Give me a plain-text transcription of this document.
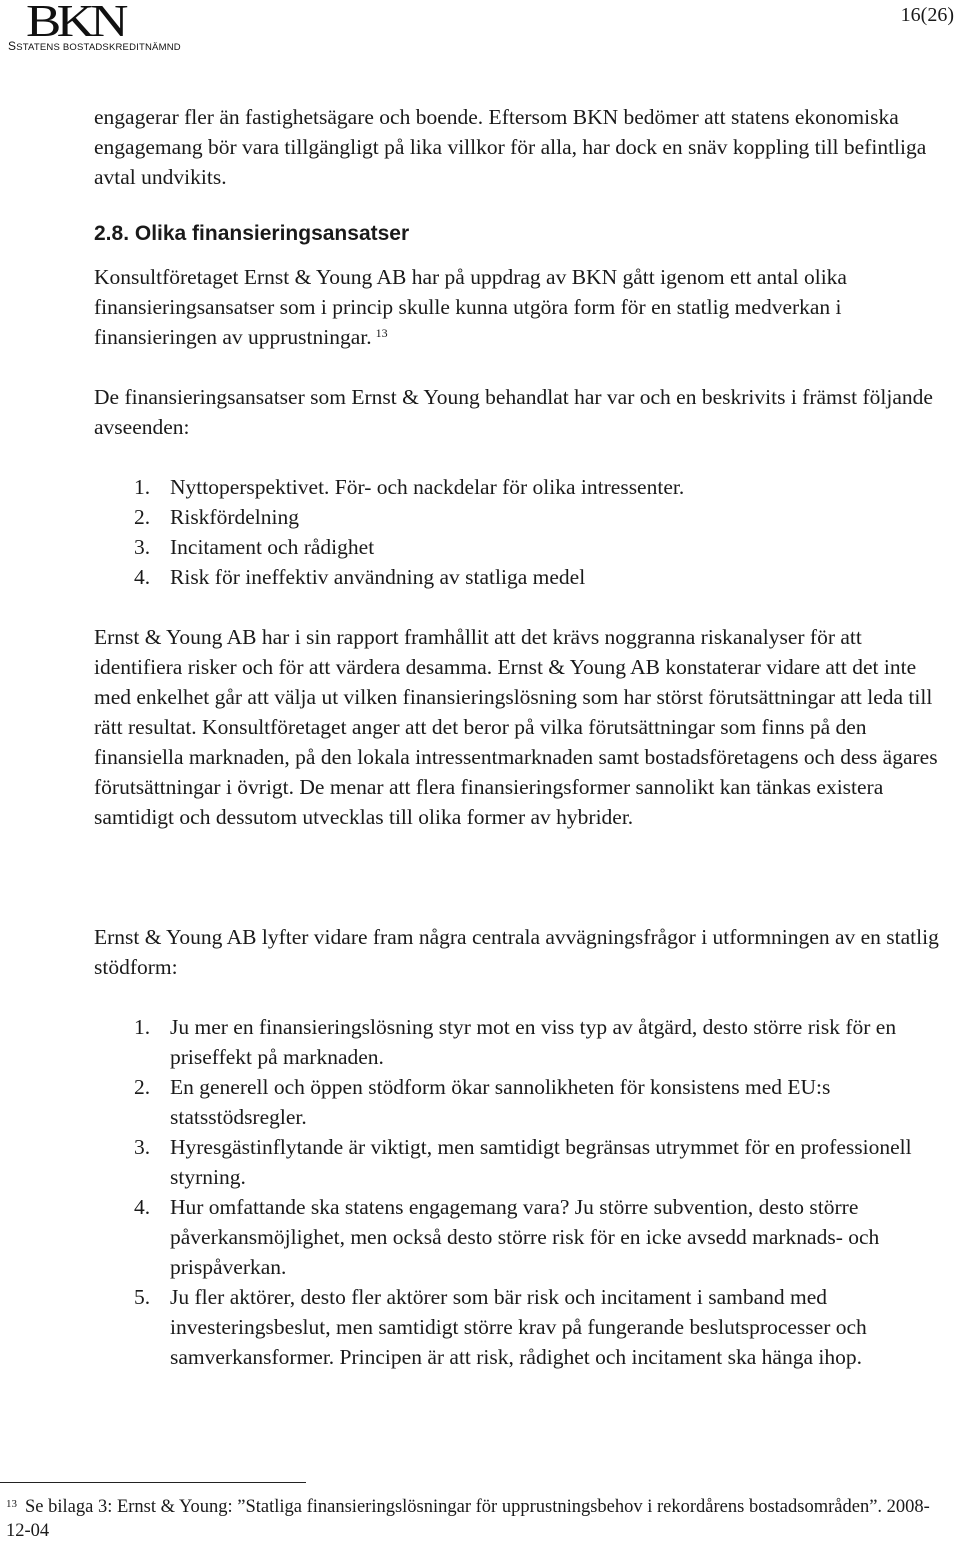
BKN
SSTATENS BOSTADSKREDITNÄMND
16(26)

engagerar fler än fastighetsägare och boende. Eftersom BKN bedömer att statens ekonomiska engagemang bör vara tillgängligt på lika villkor för alla, har dock en snäv koppling till befintliga avtal undvikits.

2.8. Olika finansieringsansatser

Konsultföretaget Ernst & Young AB har på uppdrag av BKN gått igenom ett antal olika finansieringsansatser som i princip skulle kunna utgöra form för en statlig medverkan i finansieringen av upprustningar. $^{13}$

De finansieringsansatser som Ernst & Young behandlat har var och en beskrivits i främst följande avseenden:

1. Nyttoperspektivet. För- och nackdelar för olika intressenter.
2. Riskfördelning
3. Incitament och rådighet
4. Risk för ineffektiv användning av statliga medel

Ernst & Young AB har i sin rapport framhållit att det krävs noggranna riskanalyser för att identifiera risker och för att värdera desamma. Ernst & Young AB konstaterar vidare att det inte med enkelhet går att välja ut vilken finansieringslösning som har störst förutsättningar att leda till rätt resultat. Konsultföretaget anger att det beror på vilka förutsättningar som finns på den finansiella marknaden, på den lokala intressentmarknaden samt bostadsföretagens och dess ägares förutsättningar i övrigt. De menar att flera finansieringsformer sannolikt kan tänkas existera samtidigt och dessutom utvecklas till olika former av hybrider.

Ernst & Young AB lyfter vidare fram några centrala avvägningsfrågor i utformningen av en statlig stödform:

1. Ju mer en finansieringslösning styr mot en viss typ av åtgärd, desto större risk för en priseffekt på marknaden.
2. En generell och öppen stödform ökar sannolikheten för konsistens med EU:s statsstödsregler.
3. Hyresgästinflytande är viktigt, men samtidigt begränsas utrymmet för en professionell styrning.
4. Hur omfattande ska statens engagemang vara? Ju större subvention, desto större påverkansmöjlighet, men också desto större risk för en icke avsedd marknads- och prispåverkan.
5. Ju fler aktörer, desto fler aktörer som bär risk och incitament i samband med investeringsbeslut, men samtidigt större krav på fungerande beslutsprocesser och samverkansformer. Principen är att risk, rådighet och incitament ska hänga ihop.

$^{13}$ Se bilaga 3: Ernst & Young: ”Statliga finansieringslösningar för upprustningsbehov i rekordårens bostadsområden”. 2008-12-04
